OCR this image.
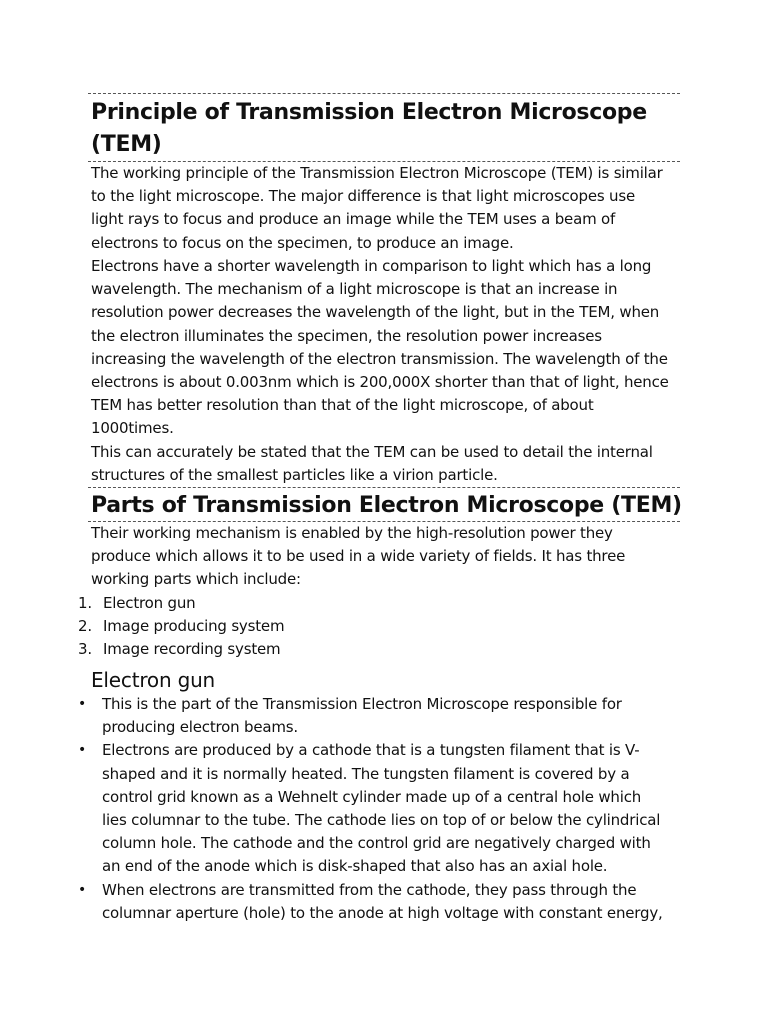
Principle of Transmission Electron Microscope
(TEM)
The working principle of the Transmission Electron Microscope (TEM) is similar
to the light microscope. The major difference is that light microscopes use
light rays to focus and produce an image while the TEM uses a beam of
electrons to focus on the specimen, to produce an image.
Electrons have a shorter wavelength in comparison to light which has a long
wavelength. The mechanism of a light microscope is that an increase in
resolution power decreases the wavelength of the light, but in the TEM, when
the electron illuminates the specimen, the resolution power increases
increasing the wavelength of the electron transmission. The wavelength of the
electrons is about 0.003nm which is 200,000X shorter than that of light, hence
TEM has better resolution than that of the light microscope, of about
1000times.
This can accurately be stated that the TEM can be used to detail the internal
structures of the smallest particles like a virion particle.
Parts of Transmission Electron Microscope (TEM)
Their working mechanism is enabled by the high-resolution power they
produce which allows it to be used in a wide variety of fields. It has three
working parts which include:
1. Electron gun
2. Image producing system
3. Image recording system
Electron gun
• This is the part of the Transmission Electron Microscope responsible for
producing electron beams.
• Electrons are produced by a cathode that is a tungsten filament that is V-
shaped and it is normally heated. The tungsten filament is covered by a
control grid known as a Wehnelt cylinder made up of a central hole which
lies columnar to the tube. The cathode lies on top of or below the cylindrical
column hole. The cathode and the control grid are negatively charged with
an end of the anode which is disk-shaped that also has an axial hole.
• When electrons are transmitted from the cathode, they pass through the
columnar aperture (hole) to the anode at high voltage with constant energy,
